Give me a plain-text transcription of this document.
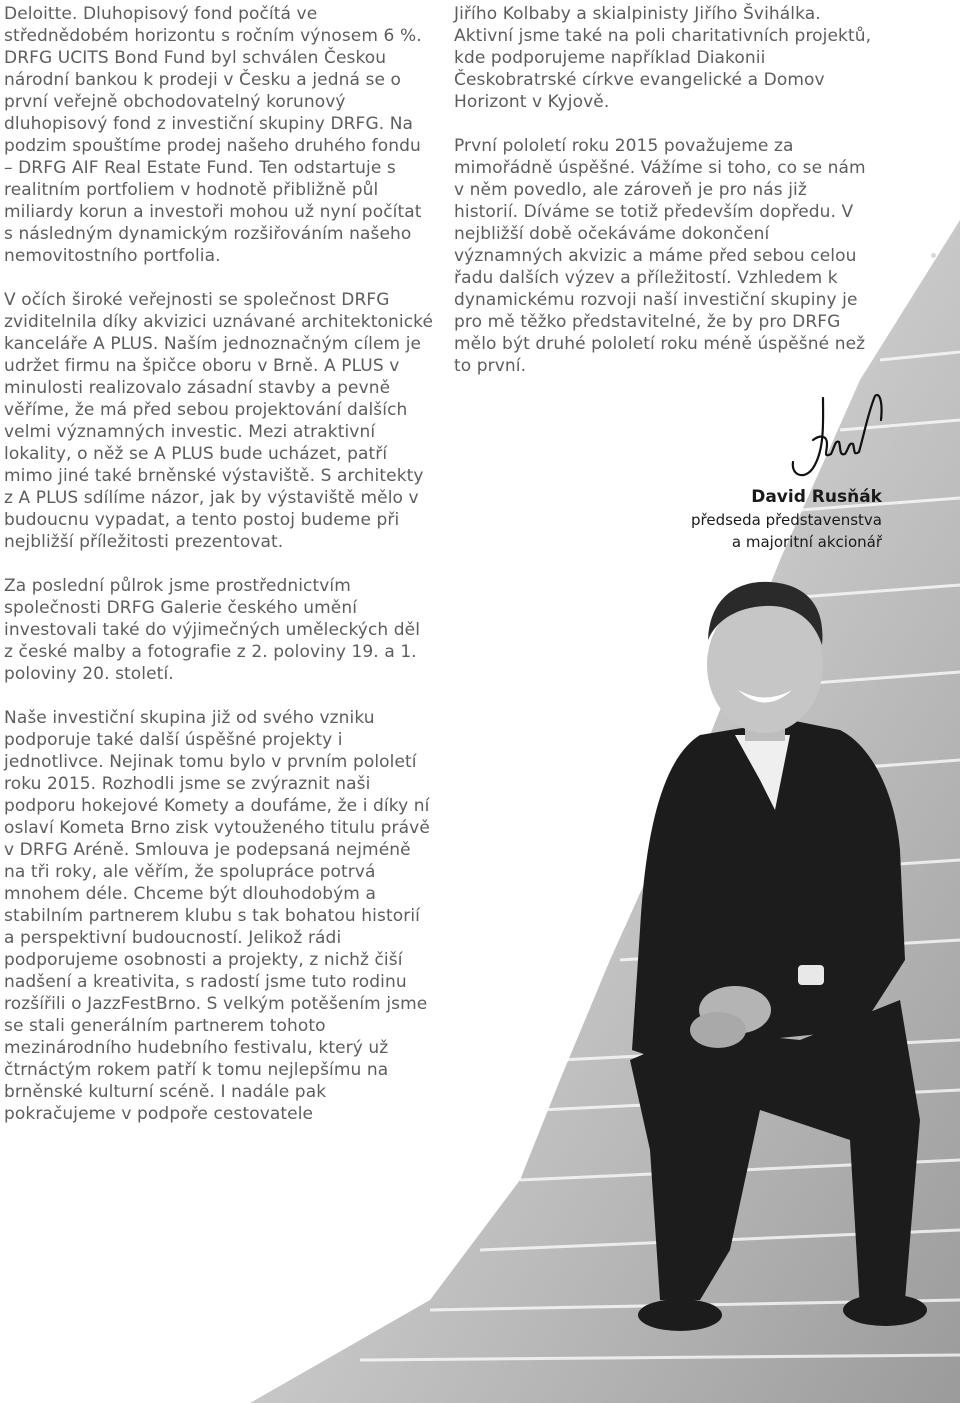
Deloitte. Dluhopisový fond počítá ve střednědobém horizontu s ročním výnosem 6 %. DRFG UCITS Bond Fund byl schválen Českou národní bankou k prodeji v Česku a jedná se o první veřejně obchodovatelný korunový dluhopisový fond z investiční skupiny DRFG. Na podzim spouštíme prodej našeho druhého fondu – DRFG AIF Real Estate Fund. Ten odstartuje s realitním portfoliem v hodnotě přibližně půl miliardy korun a investoři mohou už nyní počítat s následným dynamickým rozšiřováním našeho nemovitostního portfolia.

V očích široké veřejnosti se společnost DRFG zviditelnila díky akvizici uznávané architektonické kanceláře A PLUS. Naším jednoznačným cílem je udržet firmu na špičce oboru v Brně. A PLUS v minulosti realizovalo zásadní stavby a pevně věříme, že má před sebou projektování dalších velmi významných investic. Mezi atraktivní lokality, o něž se A PLUS bude ucházet, patří mimo jiné také brněnské výstaviště. S architekty z A PLUS sdílíme názor, jak by výstaviště mělo v budoucnu vypadat, a tento postoj budeme při nejbližší příležitosti prezentovat.

Za poslední půlrok jsme prostřednictvím společnosti DRFG Galerie českého umění investovali také do výjimečných uměleckých děl z české malby a fotografie z 2. poloviny 19. a 1. poloviny 20. století.

Naše investiční skupina již od svého vzniku podporuje také další úspěšné projekty i jednotlivce. Nejinak tomu bylo v prvním pololetí roku 2015. Rozhodli jsme se zvýraznit naši podporu hokejové Komety a doufáme, že i díky ní oslaví Kometa Brno zisk vytouženého titulu právě v DRFG Aréně. Smlouva je podepsaná nejméně na tři roky, ale věřím, že spolupráce potrvá mnohem déle. Chceme být dlouhodobým a stabilním partnerem klubu s tak bohatou historií a perspektivní budoucností. Jelikož rádi podporujeme osobnosti a projekty, z nichž čiší nadšení a kreativita, s radostí jsme tuto rodinu rozšířili o JazzFestBrno. S velkým potěšením jsme se stali generálním partnerem tohoto mezinárodního hudebního festivalu, který už čtrnáctým rokem patří k tomu nejlepšímu na brněnské kulturní scéně. I nadále pak pokračujeme v podpoře cestovatele

Jiřího Kolbaby a skialpinisty Jiřího Švihálka. Aktivní jsme také na poli charitativních projektů, kde podporujeme například Diakonii Českobratrské církve evangelické a Domov Horizont v Kyjově.

První pololetí roku 2015 považujeme za mimořádně úspěšné. Vážíme si toho, co se nám v něm povedlo, ale zároveň je pro nás již historií. Díváme se totiž především dopředu. V nejbližší době očekáváme dokončení významných akvizic a máme před sebou celou řadu dalších výzev a příležitostí. Vzhledem k dynamickému rozvoji naší investiční skupiny je pro mě těžko představitelné, že by pro DRFG mělo být druhé pololetí roku méně úspěšné než to první.

David Rusňák
předseda představenstva
a majoritní akcionář
